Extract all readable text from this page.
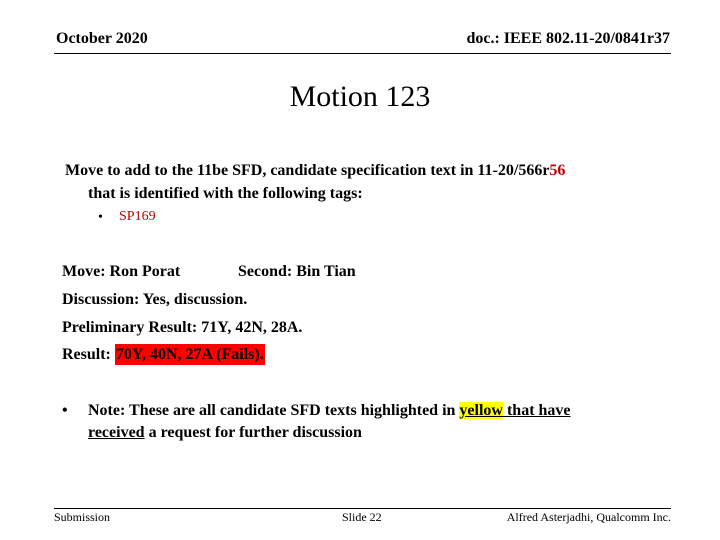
October 2020	doc.: IEEE 802.11-20/0841r37
Motion 123
Move to add to the 11be SFD, candidate specification text in 11-20/566r56
that is identified with the following tags:
• SP169
Move: Ron Porat	Second: Bin Tian
Discussion: Yes, discussion.
Preliminary Result: 71Y, 42N, 28A.
Result: 70Y, 40N, 27A (Fails).
• Note: These are all candidate SFD texts highlighted in yellow that have
received a request for further discussion
Submission	Slide 22	Alfred Asterjadhi, Qualcomm Inc.
